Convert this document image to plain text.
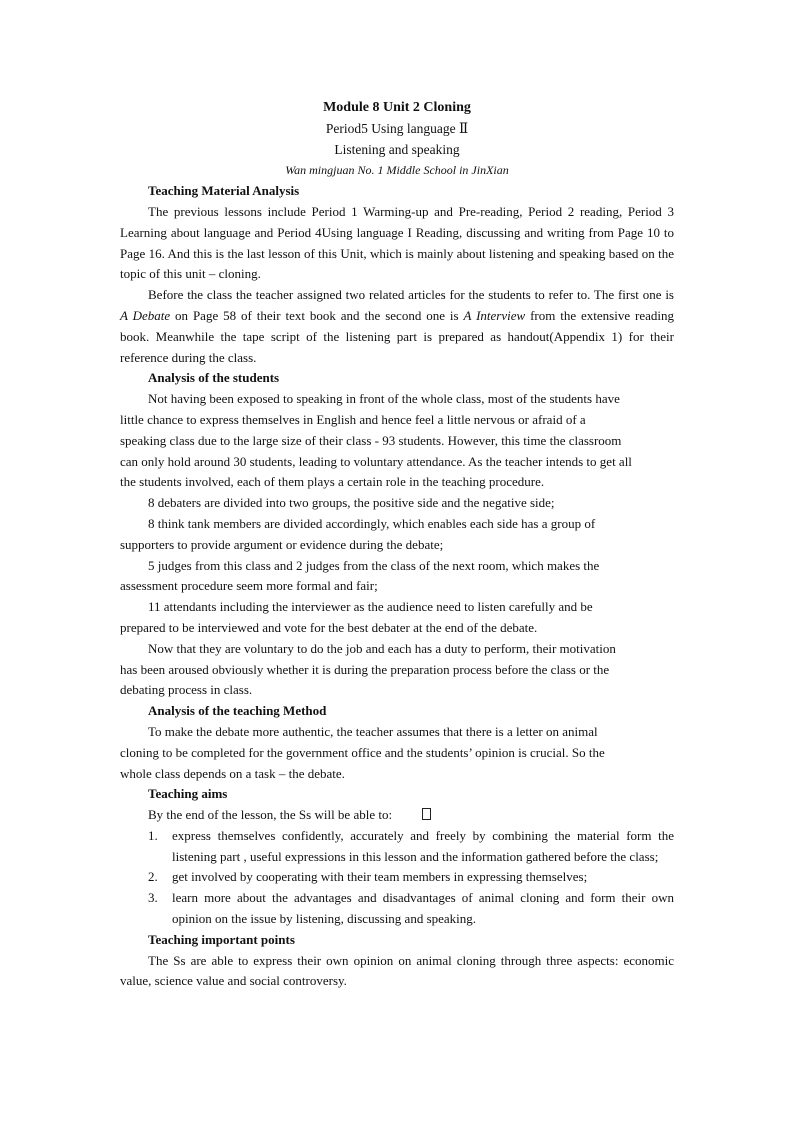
Module 8 Unit 2 Cloning
Period5 Using language Ⅱ
Listening and speaking
Wan mingjuan No. 1 Middle School in JinXian
Teaching Material Analysis

The previous lessons include Period 1 Warming-up and Pre-reading, Period 2 reading, Period 3 Learning about language and Period 4Using language I Reading, discussing and writing from Page 10 to Page 16. And this is the last lesson of this Unit, which is mainly about listening and speaking based on the topic of this unit – cloning.

Before the class the teacher assigned two related articles for the students to refer to. The first one is A Debate on Page 58 of their text book and the second one is A Interview from the extensive reading book. Meanwhile the tape script of the listening part is prepared as handout(Appendix 1) for their reference during the class.

Analysis of the students

Not having been exposed to speaking in front of the whole class, most of the students have

little chance to express themselves in English and hence feel a little nervous or afraid of a

speaking class due to the large size of their class - 93 students. However, this time the classroom

can only hold around 30 students, leading to voluntary attendance. As the teacher intends to get all

the students involved, each of them plays a certain role in the teaching procedure.

8 debaters are divided into two groups, the positive side and the negative side;

8 think tank members are divided accordingly, which enables each side has a group of

supporters to provide argument or evidence during the debate;

5 judges from this class and 2 judges from the class of the next room, which makes the

assessment procedure seem more formal and fair;

11 attendants including the interviewer as the audience need to listen carefully and be

prepared to be interviewed and vote for the best debater at the end of the debate.

Now that they are voluntary to do the job and each has a duty to perform, their motivation

has been aroused obviously whether it is during the preparation process before the class or the

debating process in class.

Analysis of the teaching Method

To make the debate more authentic, the teacher assumes that there is a letter on animal

cloning to be completed for the government office and the students’ opinion is crucial. So the

whole class depends on a task – the debate.

Teaching aims

By the end of the lesson, the Ss will be able to:

1. express themselves confidently, accurately and freely by combining the material form the listening part , useful expressions in this lesson and the information gathered before the class;
2. get involved by cooperating with their team members in expressing themselves;
3. learn more about the advantages and disadvantages of animal cloning and form their own opinion on the issue by listening, discussing and speaking.
Teaching important points

The Ss are able to express their own opinion on animal cloning through three aspects: economic value, science value and social controversy.
